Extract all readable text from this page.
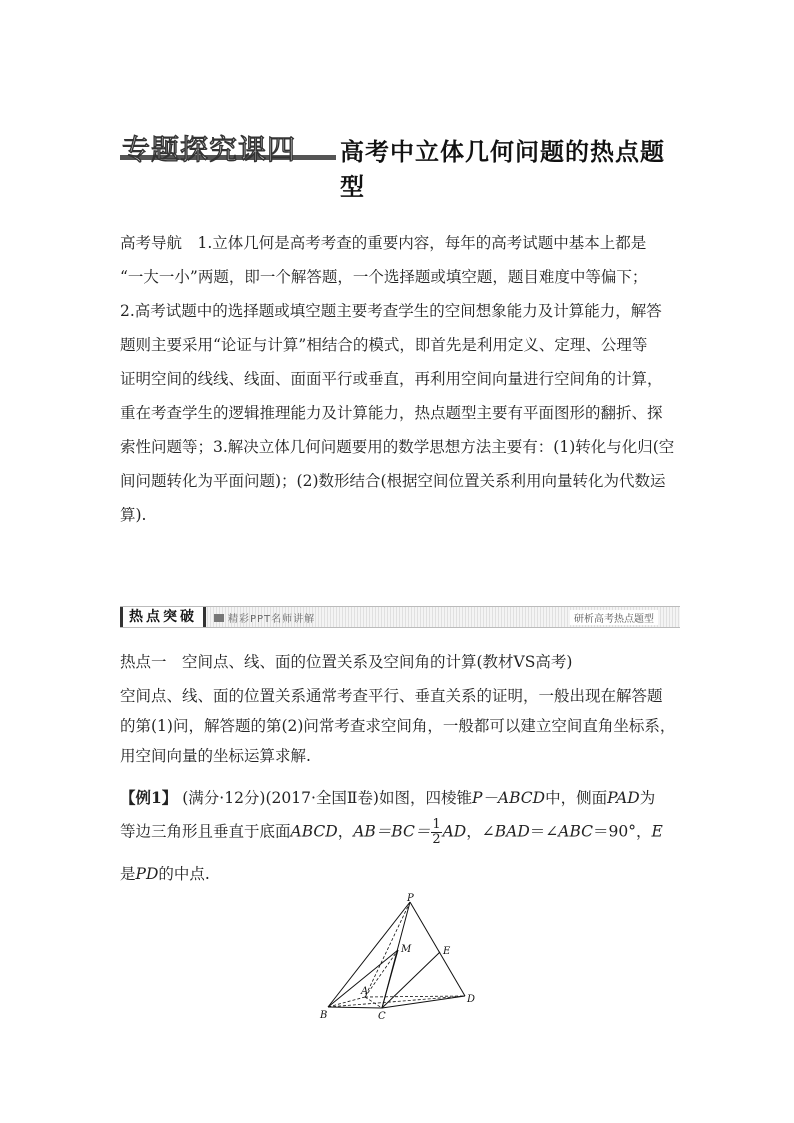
专题探究课四 高考中立体几何问题的热点题型

高考导航　1.立体几何是高考考查的重要内容，每年的高考试题中基本上都是

“一大一小”两题，即一个解答题，一个选择题或填空题，题目难度中等偏下；

2.高考试题中的选择题或填空题主要考查学生的空间想象能力及计算能力，解答

题则主要采用“论证与计算”相结合的模式，即首先是利用定义、定理、公理等

证明空间的线线、线面、面面平行或垂直，再利用空间向量进行空间角的计算，

重在考查学生的逻辑推理能力及计算能力，热点题型主要有平面图形的翻折、探

索性问题等；3.解决立体几何问题要用的数学思想方法主要有：(1)转化与化归(空

间问题转化为平面问题)；(2)数形结合(根据空间位置关系利用向量转化为代数运

算).

热点突破	精彩PPT名师讲解	研析高考热点题型
热点一　空间点、线、面的位置关系及空间角的计算(教材VS高考)
空间点、线、面的位置关系通常考查平行、垂直关系的证明，一般出现在解答题
的第(1)问，解答题的第(2)问常考查求空间角，一般都可以建立空间直角坐标系，
用空间向量的坐标运算求解.
【例1】 (满分·12分)(2017·全国Ⅱ卷)如图，四棱锥P－ABCD中，侧面PAD为
等边三角形且垂直于底面ABCD，$AB=BC= \frac{1}{2}$ AD，∠BAD＝∠ABC＝90°，E
是PD的中点.
P
M	E
A
B	C
D
